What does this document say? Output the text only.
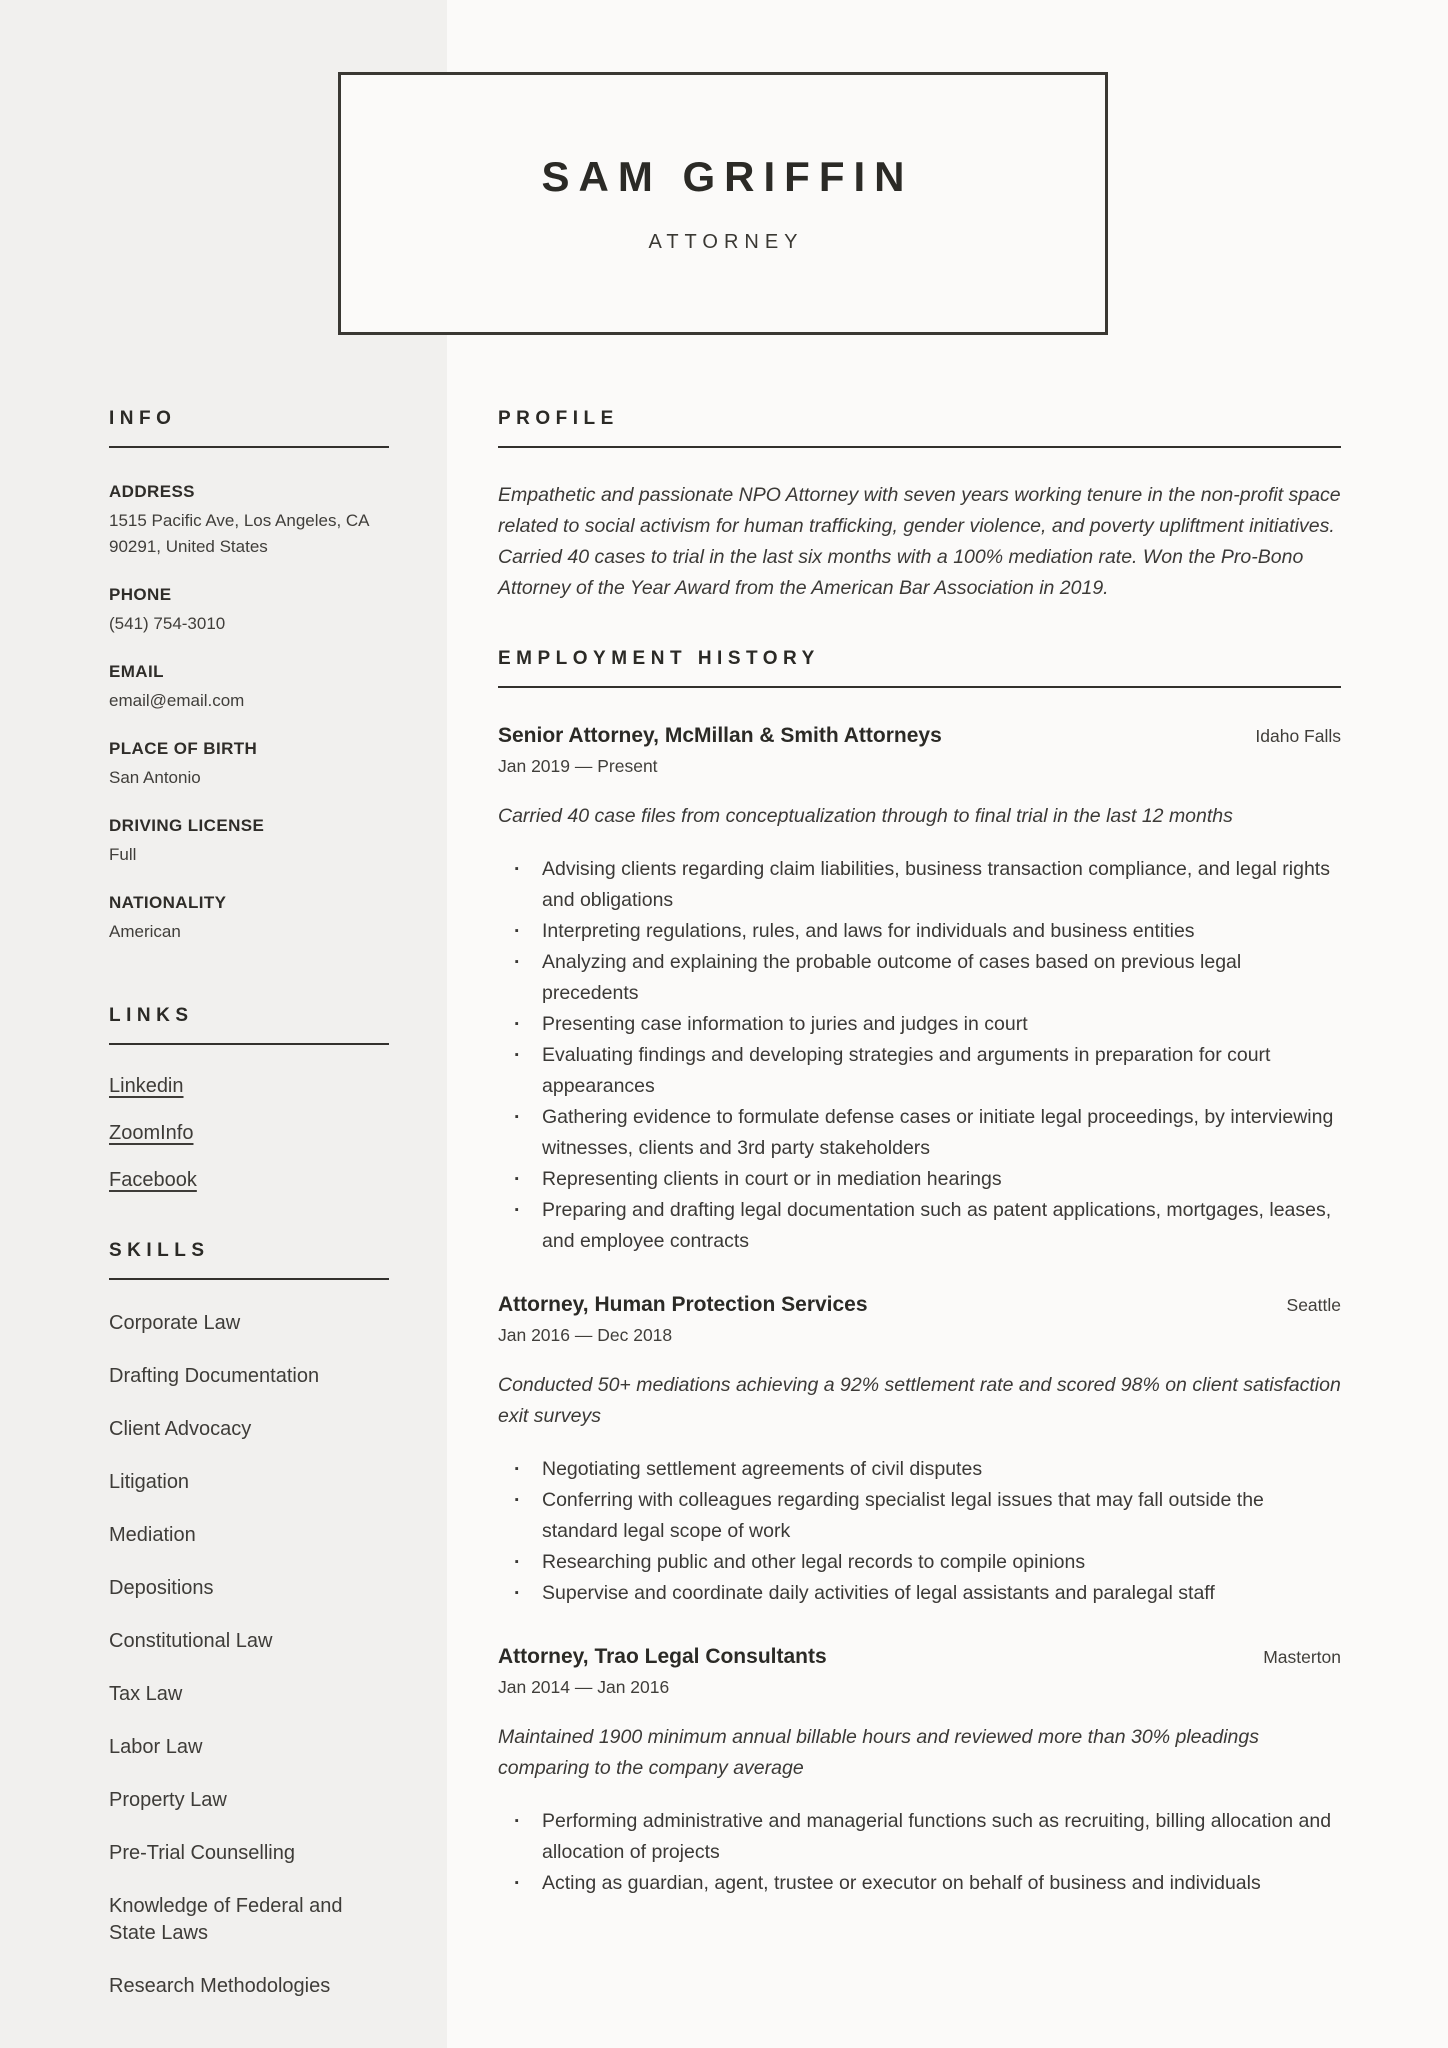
SAM GRIFFIN
ATTORNEY
INFO
ADDRESS
1515 Pacific Ave, Los Angeles, CA 90291, United States
PHONE
(541) 754-3010
EMAIL
email@email.com
PLACE OF BIRTH
San Antonio
DRIVING LICENSE
Full
NATIONALITY
American
LINKS
Linkedin
ZoomInfo
Facebook
SKILLS
Corporate Law
Drafting Documentation
Client Advocacy
Litigation
Mediation
Depositions
Constitutional Law
Tax Law
Labor Law
Property Law
Pre-Trial Counselling
Knowledge of Federal and State Laws
Research Methodologies
PROFILE

Empathetic and passionate NPO Attorney with seven years working tenure in the non-profit space related to social activism for human trafficking, gender violence, and poverty upliftment initiatives. Carried 40 cases to trial in the last six months with a 100% mediation rate. Won the Pro-Bono Attorney of the Year Award from the American Bar Association in 2019.

EMPLOYMENT HISTORY
Senior Attorney, McMillan & Smith Attorneys	Idaho Falls
Jan 2019 — Present

Carried 40 case files from conceptualization through to final trial in the last 12 months

· Advising clients regarding claim liabilities, business transaction compliance, and legal rights and obligations
· Interpreting regulations, rules, and laws for individuals and business entities
· Analyzing and explaining the probable outcome of cases based on previous legal precedents
· Presenting case information to juries and judges in court
· Evaluating findings and developing strategies and arguments in preparation for court appearances
· Gathering evidence to formulate defense cases or initiate legal proceedings, by interviewing witnesses, clients and 3rd party stakeholders
· Representing clients in court or in mediation hearings
· Preparing and drafting legal documentation such as patent applications, mortgages, leases, and employee contracts
Attorney, Human Protection Services	Seattle
Jan 2016 — Dec 2018

Conducted 50+ mediations achieving a 92% settlement rate and scored 98% on client satisfaction exit surveys

· Negotiating settlement agreements of civil disputes
· Conferring with colleagues regarding specialist legal issues that may fall outside the standard legal scope of work
· Researching public and other legal records to compile opinions
· Supervise and coordinate daily activities of legal assistants and paralegal staff
Attorney, Trao Legal Consultants	Masterton
Jan 2014 — Jan 2016

Maintained 1900 minimum annual billable hours and reviewed more than 30% pleadings comparing to the company average

· Performing administrative and managerial functions such as recruiting, billing allocation and allocation of projects
· Acting as guardian, agent, trustee or executor on behalf of business and individuals
